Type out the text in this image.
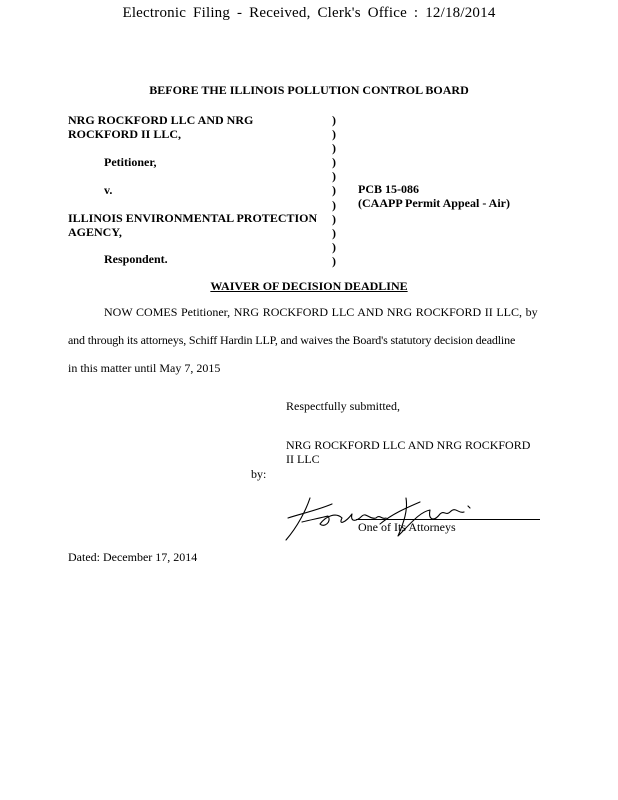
Electronic Filing - Received, Clerk's Office : 12/18/2014
BEFORE THE ILLINOIS POLLUTION CONTROL BOARD
NRG ROCKFORD LLC AND NRG
ROCKFORD II LLC,
Petitioner,
v.
ILLINOIS ENVIRONMENTAL PROTECTION
AGENCY,
Respondent.
)
)
)
)
)
)
)
)
)
)
)
PCB 15-086
(CAAPP Permit Appeal - Air)
WAIVER OF DECISION DEADLINE
NOW COMES Petitioner, NRG ROCKFORD LLC AND NRG ROCKFORD II LLC, by
and through its attorneys, Schiff Hardin LLP, and waives the Board's statutory decision deadline
in this matter until May 7, 2015
Respectfully submitted,
NRG ROCKFORD LLC AND NRG ROCKFORD
II LLC
by:
One of Its Attorneys
Dated: December 17, 2014
